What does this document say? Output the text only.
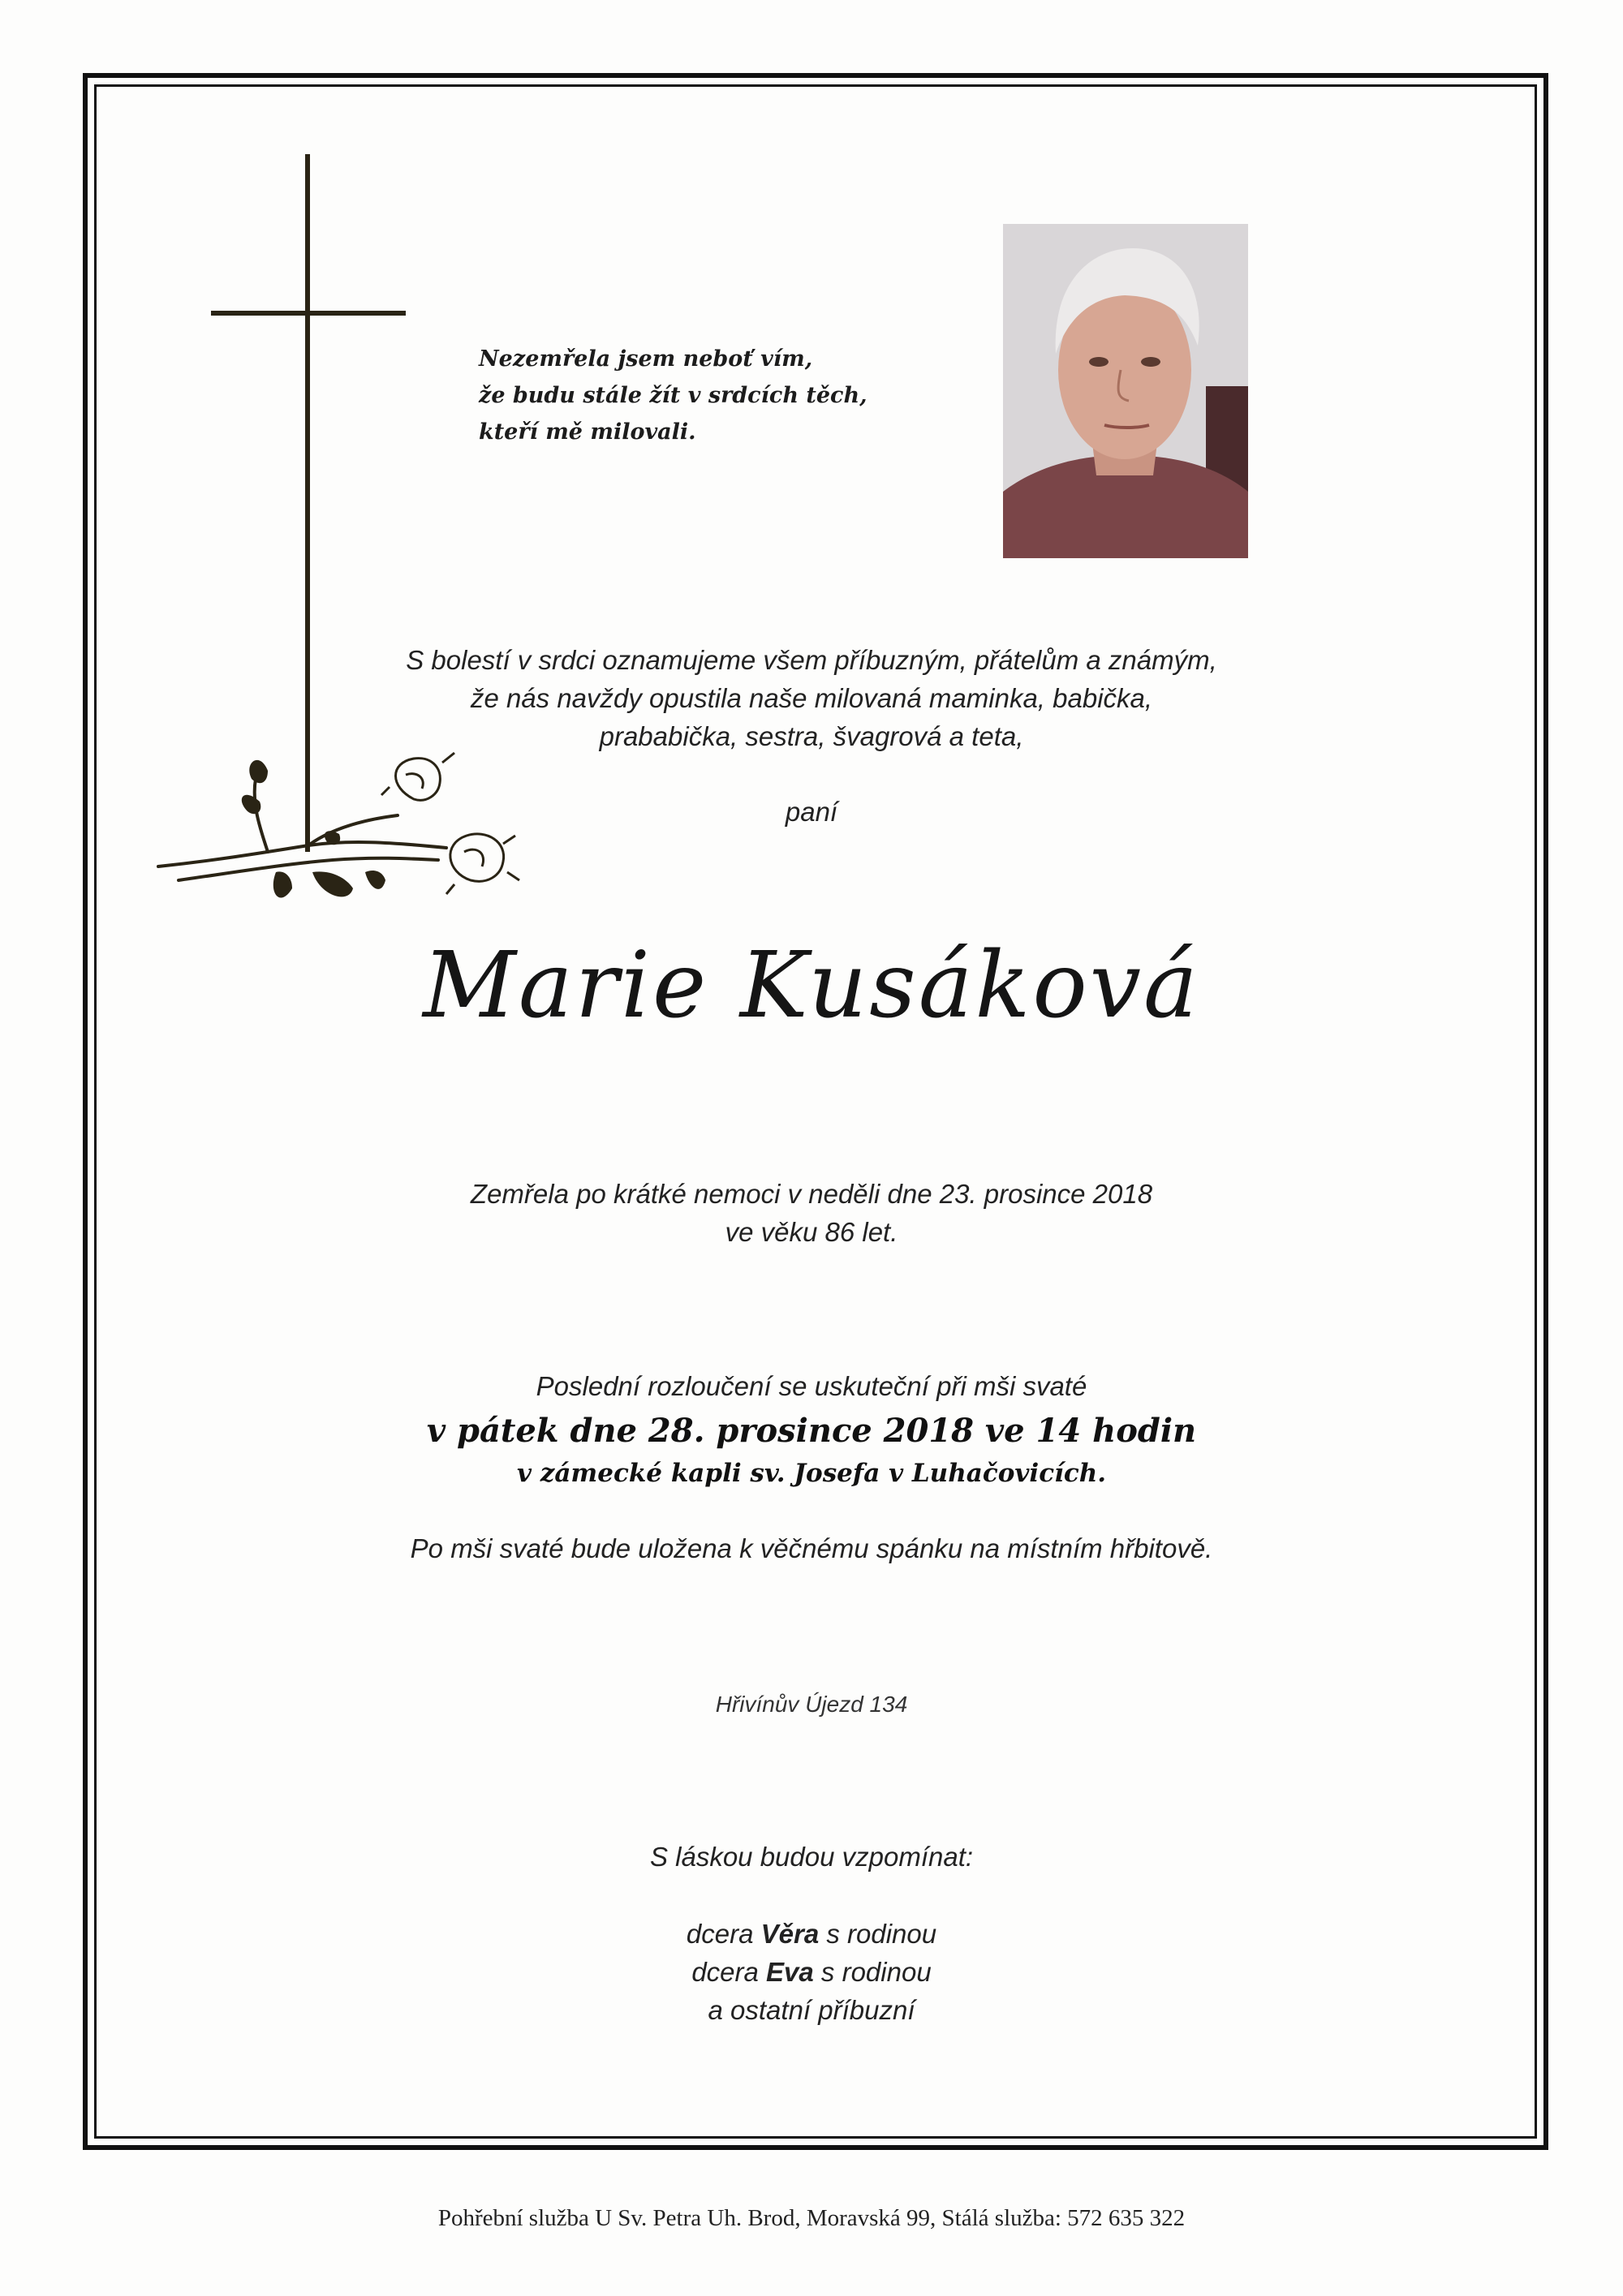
Nezemřela jsem neboť vím,
že budu stále žít v srdcích těch,
kteří mě milovali.
S bolestí v srdci oznamujeme všem příbuzným, přátelům a známým,
že nás navždy opustila naše milovaná maminka, babička,
prababička, sestra, švagrová a teta,
paní
Marie Kusáková
Zemřela po krátké nemoci v neděli dne 23. prosince 2018
ve věku 86 let.
Poslední rozloučení se uskuteční při mši svaté
v pátek dne 28. prosince 2018 ve 14 hodin
v zámecké kapli sv. Josefa v Luhačovicích.
Po mši svaté bude uložena k věčnému spánku na místním hřbitově.
Hřivínův Újezd 134
S láskou budou vzpomínat:
dcera Věra s rodinou
dcera Eva s rodinou
a ostatní příbuzní
Pohřební služba U Sv. Petra Uh. Brod, Moravská 99, Stálá služba: 572 635 322
